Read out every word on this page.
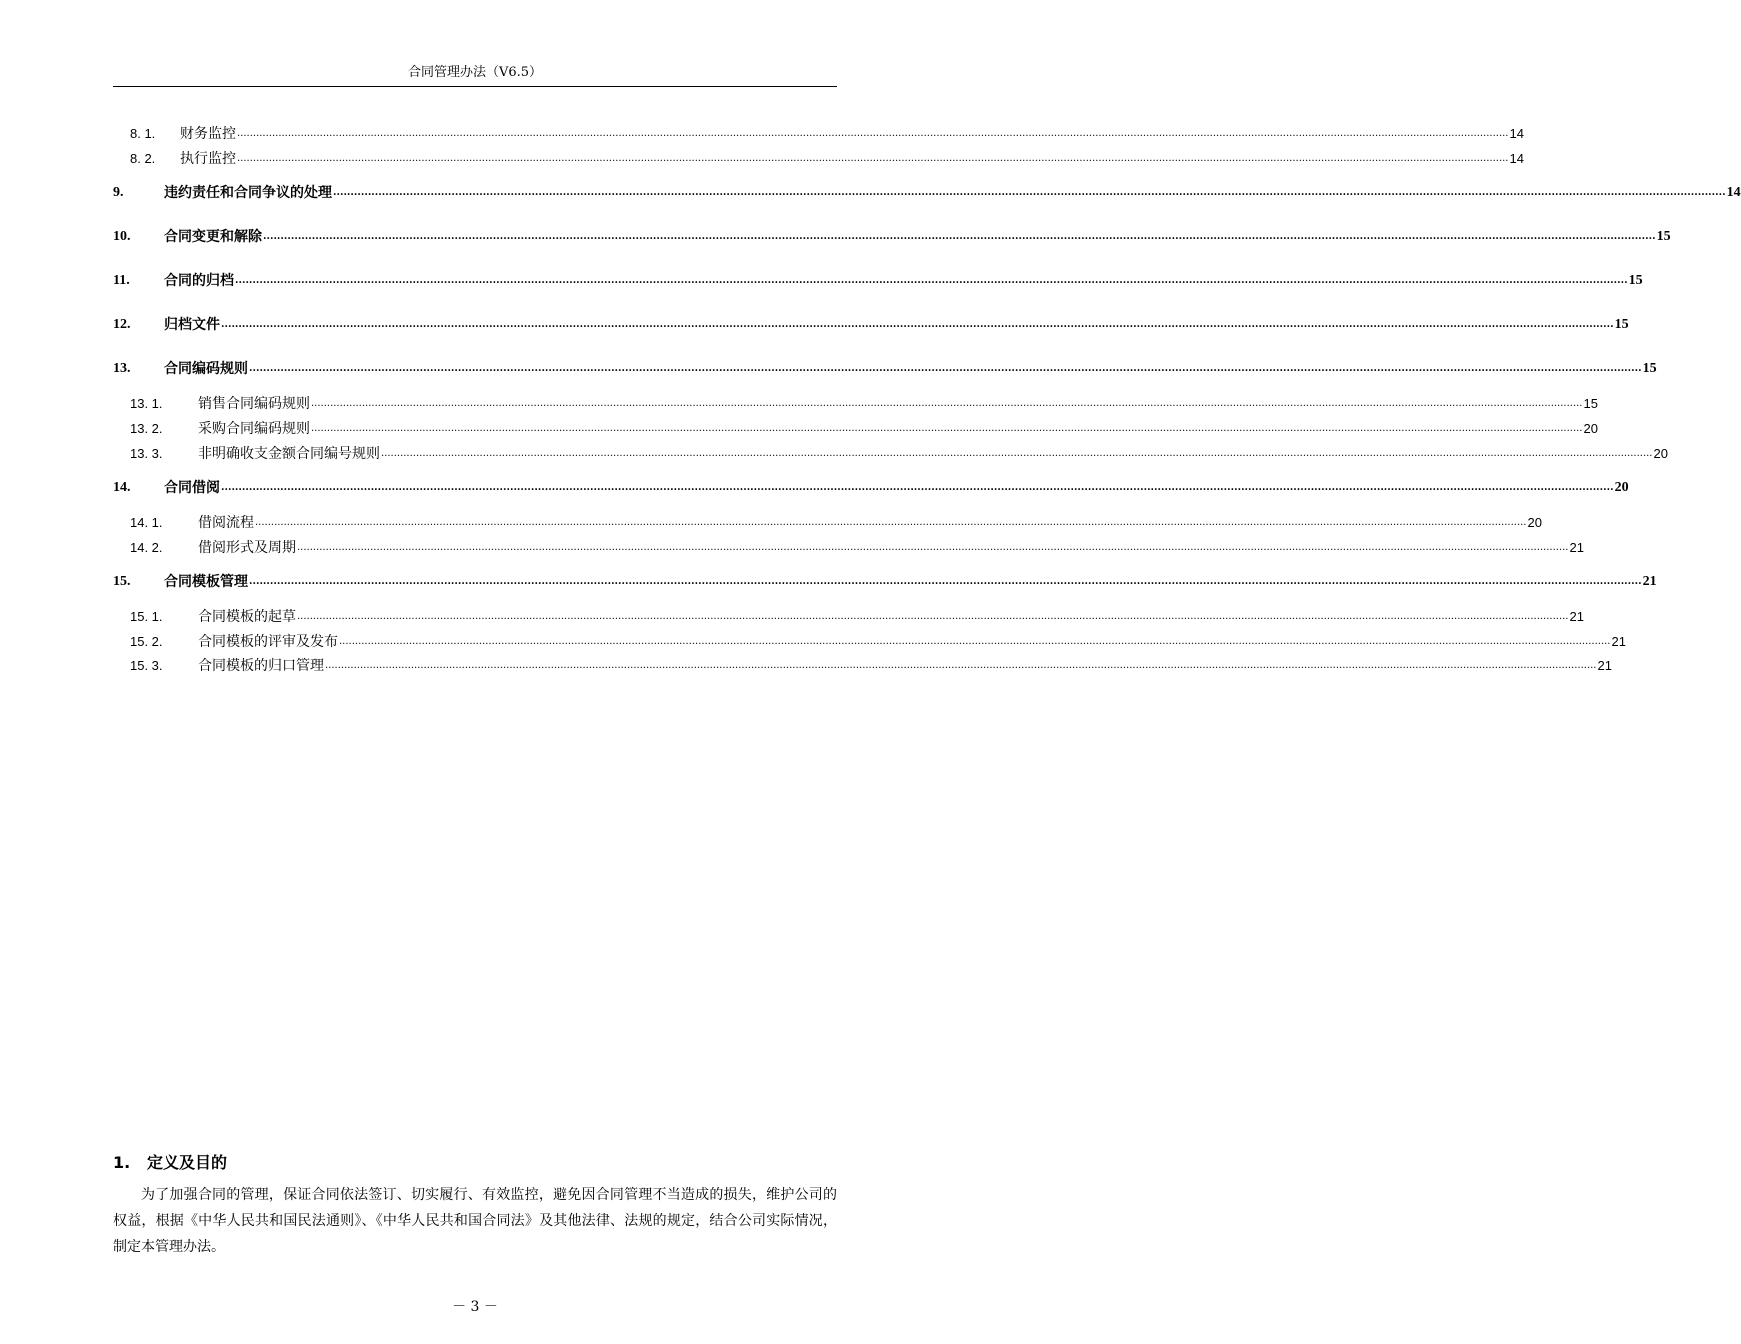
合同管理办法（V6.5）
8. 1.	财务监控 ................................................................................................................................................................................................................................................................................................................................................................................................................ 14
8. 2.	执行监控 ................................................................................................................................................................................................................................................................................................................................................................................................................ 14
9.	违约责任和合同争议的处理 ................................................................................................................................................................................................................................................................................................................................................................................................................ 14
10.	合同变更和解除 ................................................................................................................................................................................................................................................................................................................................................................................................................ 15
11.	合同的归档 ................................................................................................................................................................................................................................................................................................................................................................................................................ 15
12.	归档文件 ................................................................................................................................................................................................................................................................................................................................................................................................................ 15
13.	合同编码规则 ................................................................................................................................................................................................................................................................................................................................................................................................................ 15
13. 1.	销售合同编码规则 ................................................................................................................................................................................................................................................................................................................................................................................................................ 15
13. 2.	采购合同编码规则 ................................................................................................................................................................................................................................................................................................................................................................................................................ 20
13. 3.	非明确收支金额合同编号规则 ................................................................................................................................................................................................................................................................................................................................................................................................................ 20
14.	合同借阅 ................................................................................................................................................................................................................................................................................................................................................................................................................ 20
14. 1.	借阅流程 ................................................................................................................................................................................................................................................................................................................................................................................................................ 20
14. 2.	借阅形式及周期 ................................................................................................................................................................................................................................................................................................................................................................................................................ 21
15.	合同模板管理 ................................................................................................................................................................................................................................................................................................................................................................................................................ 21
15. 1.	合同模板的起草 ................................................................................................................................................................................................................................................................................................................................................................................................................ 21
15. 2.	合同模板的评审及发布 ................................................................................................................................................................................................................................................................................................................................................................................................................ 21
15. 3.	合同模板的归口管理 ................................................................................................................................................................................................................................................................................................................................................................................................................ 21
1. 定义及目的
为了加强合同的管理，保证合同依法签订、切实履行、有效监控，避免因合同管理不当造成的损失，维护公司的权益，根据《中华人民共和国民法通则》、《中华人民共和国合同法》及其他法律、法规的规定，结合公司实际情况，制定本管理办法。
－ 3 －
